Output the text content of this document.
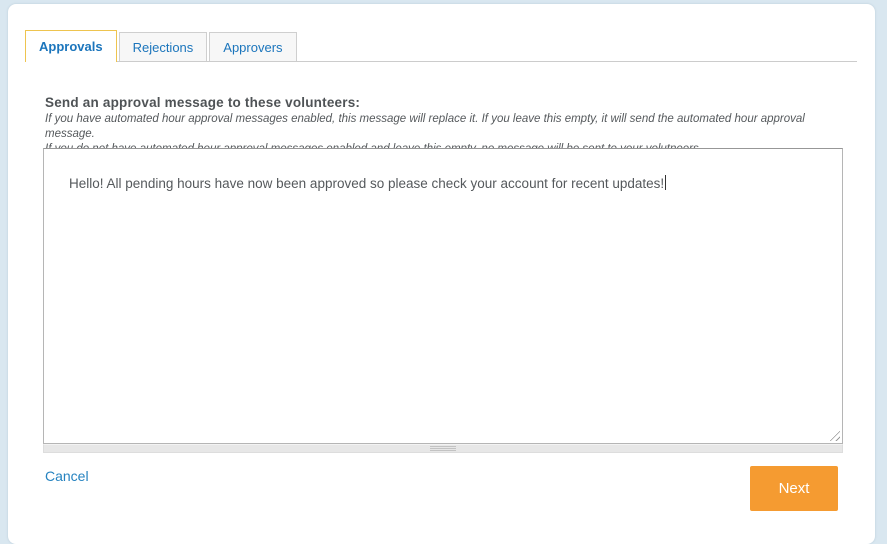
Approvals Rejections Approvers
Send an approval message to these volunteers:
If you have automated hour approval messages enabled, this message will replace it. If you leave this empty, it will send the automated hour approval message.

Hello! All pending hours have now been approved so please check your account for recent updates!

Cancel
Next
